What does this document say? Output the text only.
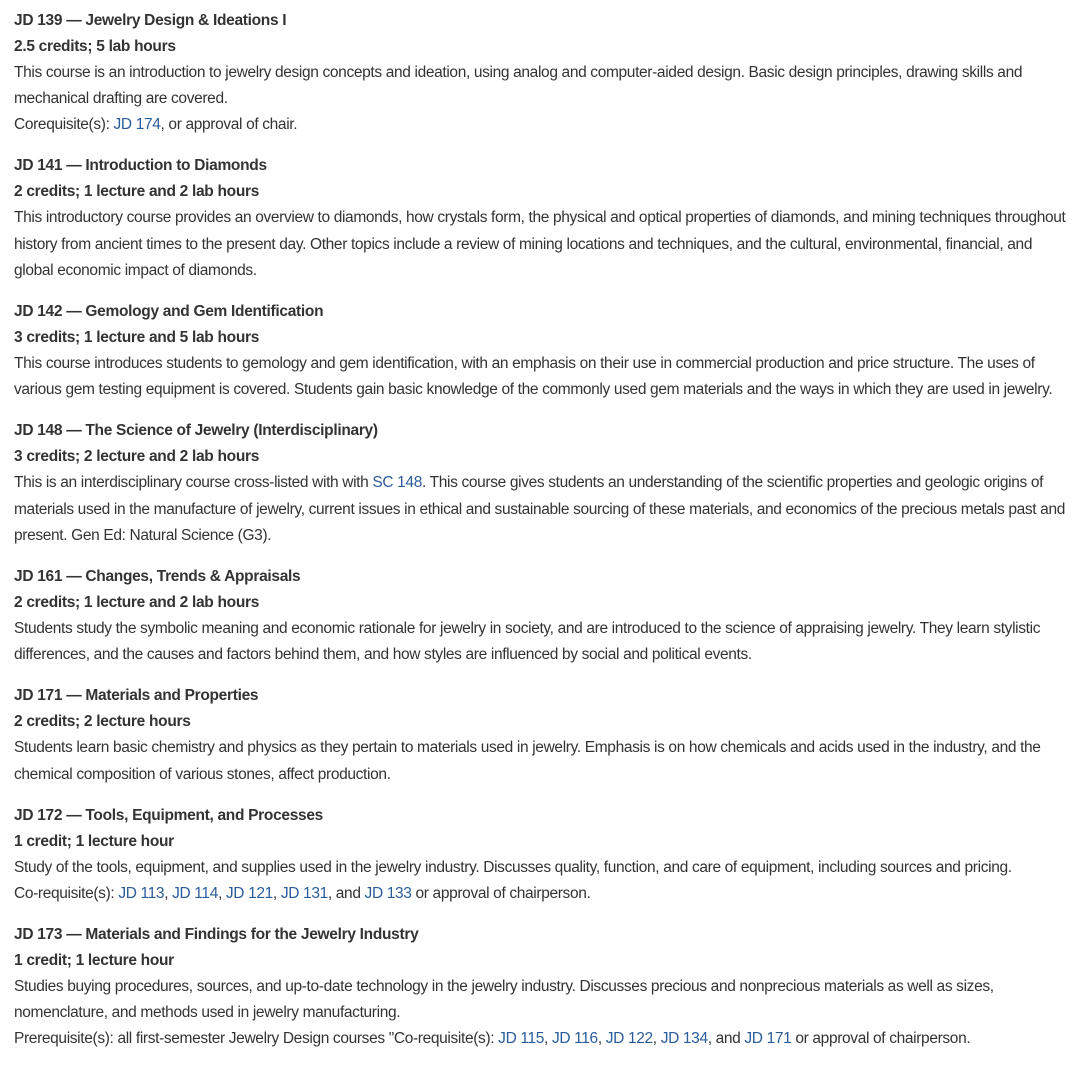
JD 139 — Jewelry Design & Ideations I

2.5 credits; 5 lab hours

This course is an introduction to jewelry design concepts and ideation, using analog and computer-aided design. Basic design principles, drawing skills and mechanical drafting are covered.

Corequisite(s): JD 174, or approval of chair.

JD 141 — Introduction to Diamonds

2 credits; 1 lecture and 2 lab hours

This introductory course provides an overview to diamonds, how crystals form, the physical and optical properties of diamonds, and mining techniques throughout history from ancient times to the present day. Other topics include a review of mining locations and techniques, and the cultural, environmental, financial, and global economic impact of diamonds.

JD 142 — Gemology and Gem Identification

3 credits; 1 lecture and 5 lab hours

This course introduces students to gemology and gem identification, with an emphasis on their use in commercial production and price structure. The uses of various gem testing equipment is covered. Students gain basic knowledge of the commonly used gem materials and the ways in which they are used in jewelry.

JD 148 — The Science of Jewelry (Interdisciplinary)

3 credits; 2 lecture and 2 lab hours

This is an interdisciplinary course cross-listed with with SC 148. This course gives students an understanding of the scientific properties and geologic origins of materials used in the manufacture of jewelry, current issues in ethical and sustainable sourcing of these materials, and economics of the precious metals past and present. Gen Ed: Natural Science (G3).

JD 161 — Changes, Trends & Appraisals

2 credits; 1 lecture and 2 lab hours

Students study the symbolic meaning and economic rationale for jewelry in society, and are introduced to the science of appraising jewelry. They learn stylistic differences, and the causes and factors behind them, and how styles are influenced by social and political events.

JD 171 — Materials and Properties

2 credits; 2 lecture hours

Students learn basic chemistry and physics as they pertain to materials used in jewelry. Emphasis is on how chemicals and acids used in the industry, and the chemical composition of various stones, affect production.

JD 172 — Tools, Equipment, and Processes

1 credit; 1 lecture hour

Study of the tools, equipment, and supplies used in the jewelry industry. Discusses quality, function, and care of equipment, including sources and pricing.

Co-requisite(s): JD 113, JD 114, JD 121, JD 131, and JD 133 or approval of chairperson.

JD 173 — Materials and Findings for the Jewelry Industry

1 credit; 1 lecture hour

Studies buying procedures, sources, and up-to-date technology in the jewelry industry. Discusses precious and nonprecious materials as well as sizes, nomenclature, and methods used in jewelry manufacturing.

Prerequisite(s): all first-semester Jewelry Design courses "Co-requisite(s): JD 115, JD 116, JD 122, JD 134, and JD 171 or approval of chairperson.
